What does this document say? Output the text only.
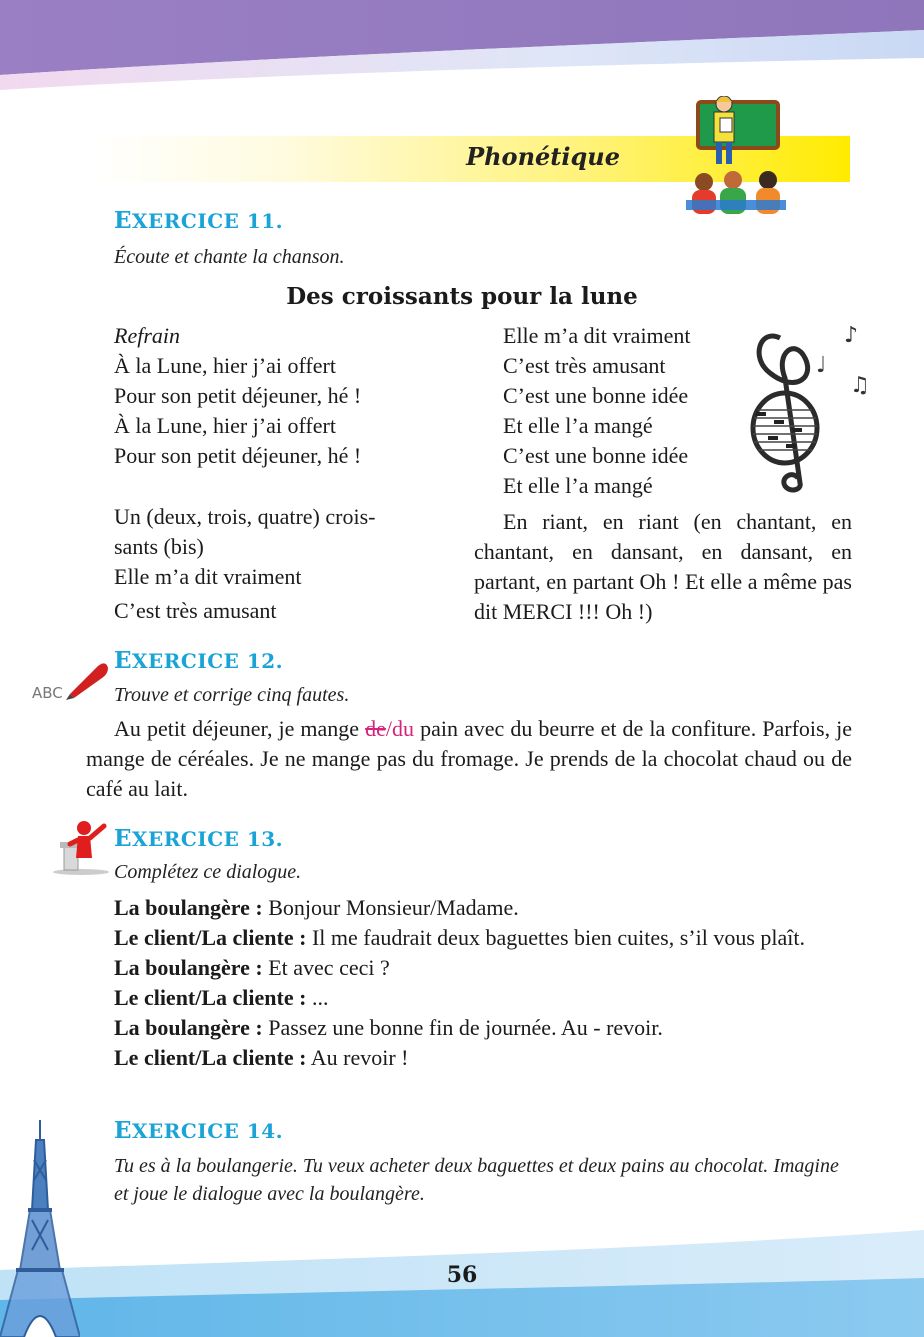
Phonétique
EXERCICE 11.
Écoute et chante la chanson.
Des croissants pour la lune
Refrain
À la Lune, hier j’ai offert
Pour son petit déjeuner, hé !
À la Lune, hier j’ai offert
Pour son petit déjeuner, hé !
Un (deux, trois, quatre) crois-
sants (bis)
Elle m’a dit vraiment
C’est très amusant
Elle m’a dit vraiment
C’est très amusant
C’est une bonne idée
Et elle l’a mangé
C’est une bonne idée
Et elle l’a mangé
En riant, en riant (en chantant, en chantant, en dansant, en dansant, en partant, en partant Oh ! Et elle a même pas dit MERCI !!! Oh !)
♪
♩
♫
ABC
EXERCICE 12.
Trouve et corrige cinq fautes.
Au petit déjeuner, je mange de/du pain avec du beurre et de la confiture. Parfois, je mange de céréales. Je ne mange pas du fromage. Je prends de la chocolat chaud ou de café au lait.
EXERCICE 13.
Complétez ce dialogue.
La boulangère : Bonjour Monsieur/Madame.
Le client/La cliente : Il me faudrait deux baguettes bien cuites, s’il vous plaît.
La boulangère : Et avec ceci ?
Le client/La cliente : ...
La boulangère : Passez une bonne fin de journée. Au - revoir.
Le client/La cliente : Au revoir !
EXERCICE 14.
Tu es à la boulangerie. Tu veux acheter deux baguettes et deux pains au chocolat. Imagine et joue le dialogue avec la boulangère.
56
